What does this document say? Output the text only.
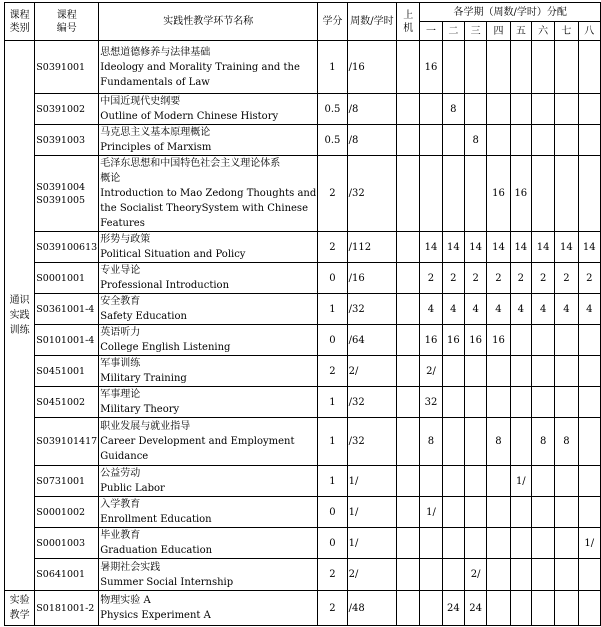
课程
类别	课程
编号	实践性教学环节名称	学分	周数/学时	上
机	各学期（周数/学时）分配							
						一	二	三	四	五	六	七	八

通识
实践
训练	S0391001	思想道德修养与法律基础
Ideology and Morality Training and the
Fundamentals of Law	1	/16		16							

	S0391002	中国近现代史纲要
Outline of Modern Chinese History	0.5	/8			8						

	S0391003	马克思主义基本原理概论
Principles of Marxism	0.5	/8				8					

	S0391004
S0391005	毛泽东思想和中国特色社会主义理论体系
概论
Introduction to Mao Zedong Thoughts and
the Socialist TheorySystem with Chinese
Features	2	/32					16	16			

	S039100613	形势与政策
Political Situation and Policy	2	/112		14	14	14	14	14	14	14	14

	S0001001	专业导论
Professional Introduction	0	/16		2	2	2	2	2	2	2	2

	S0361001-4	安全教育
Safety Education	1	/32		4	4	4	4	4	4	4	4

	S0101001-4	英语听力
College English Listening	0	/64		16	16	16	16				

	S0451001	军事训练
Military Training	2	2/		2/							

	S0451002	军事理论
Military Theory	1	/32		32							

	S039101417	职业发展与就业指导
Career Development and Employment
Guidance	1	/32		8			8		8	8	

	S0731001	公益劳动
Public Labor	1	1/						1/			

	S0001002	入学教育
Enrollment Education	0	1/		1/							

	S0001003	毕业教育
Graduation Education	0	1/									1/

	S0641001	暑期社会实践
Summer Social Internship	2	2/				2/					

实验
教学	S0181001-2	物理实验 A
Physics Experiment A	2	/48			24	24					
